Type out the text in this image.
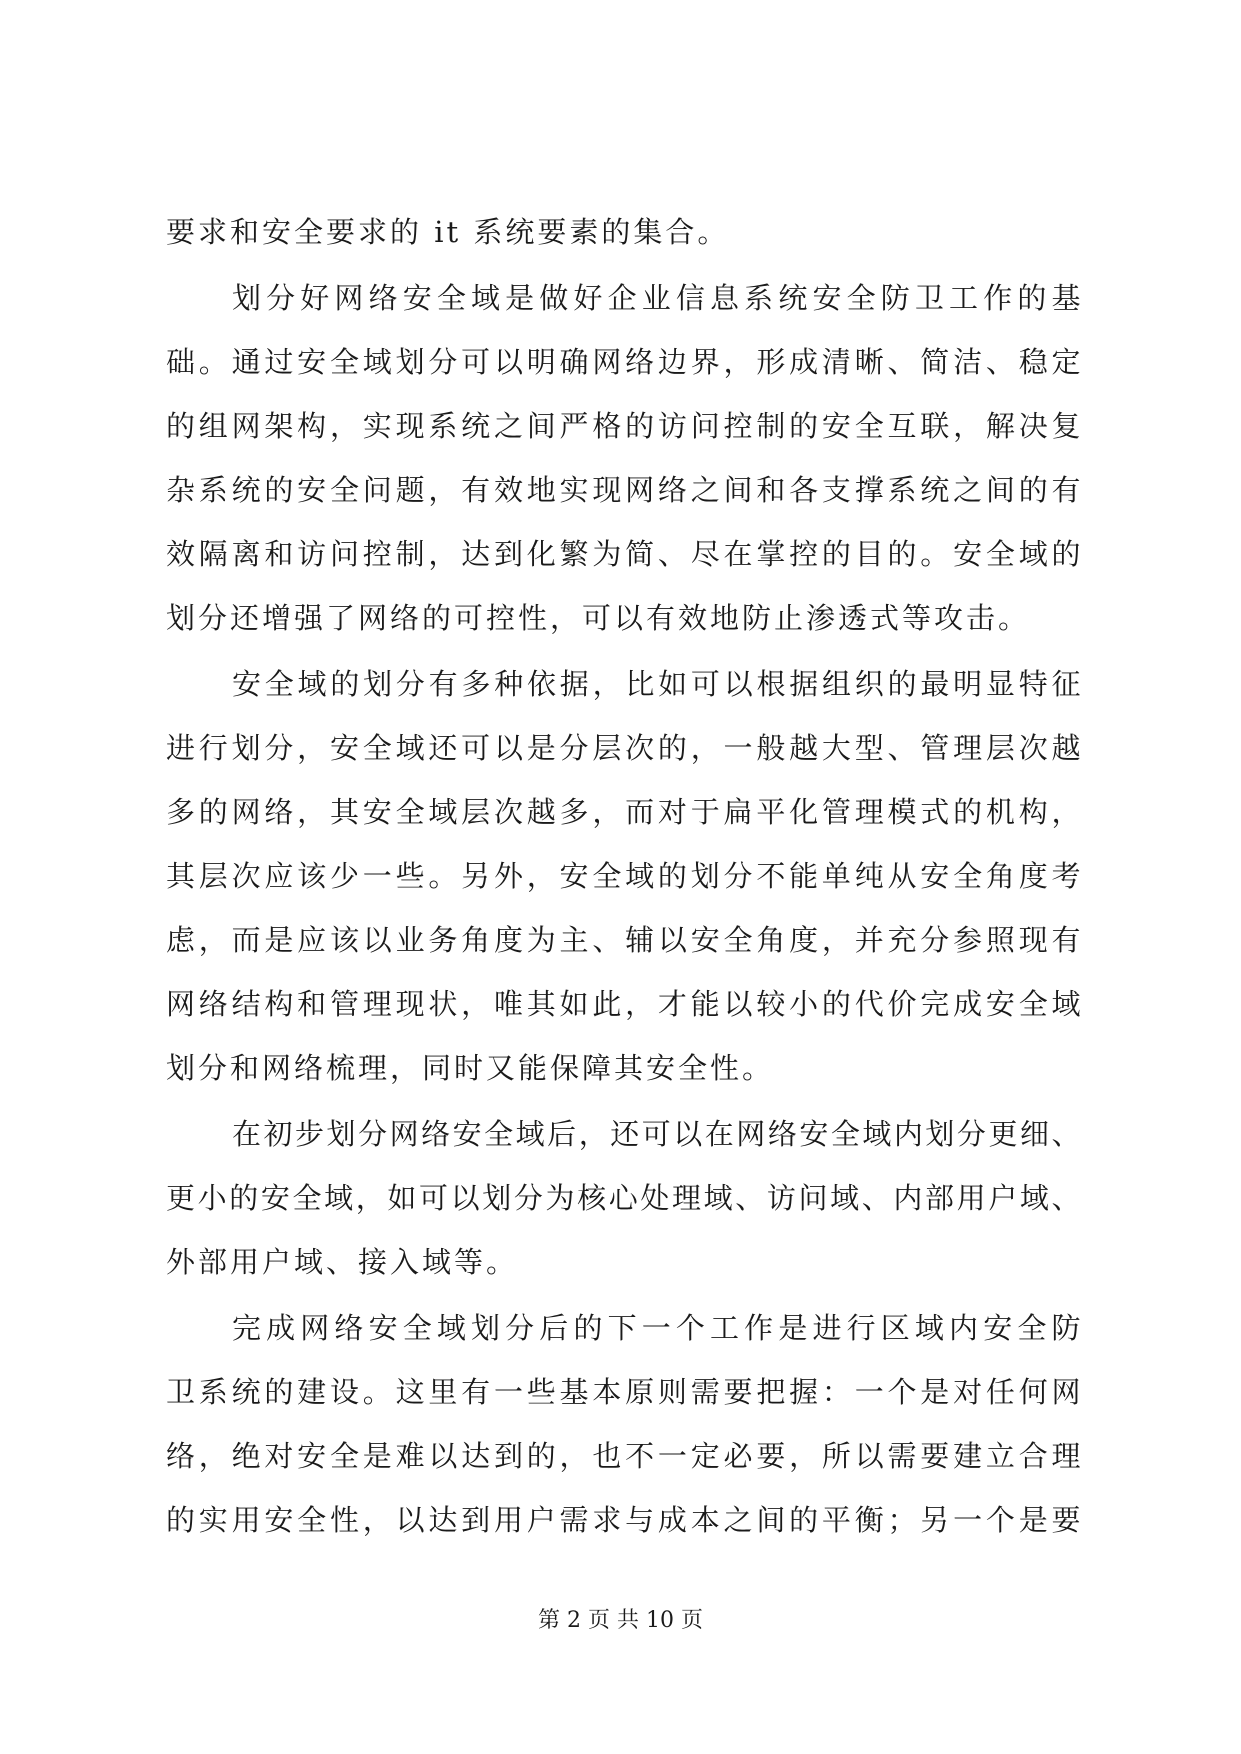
要求和安全要求的 it 系统要素的集合。
划分好网络安全域是做好企业信息系统安全防卫工作的基
础。通过安全域划分可以明确网络边界，形成清晰、简洁、稳定
的组网架构，实现系统之间严格的访问控制的安全互联，解决复
杂系统的安全问题，有效地实现网络之间和各支撑系统之间的有
效隔离和访问控制，达到化繁为简、尽在掌控的目的。安全域的
划分还增强了网络的可控性，可以有效地防止渗透式等攻击。
安全域的划分有多种依据，比如可以根据组织的最明显特征
进行划分，安全域还可以是分层次的，一般越大型、管理层次越
多的网络，其安全域层次越多，而对于扁平化管理模式的机构，
其层次应该少一些。另外，安全域的划分不能单纯从安全角度考
虑，而是应该以业务角度为主、辅以安全角度，并充分参照现有
网络结构和管理现状，唯其如此，才能以较小的代价完成安全域
划分和网络梳理，同时又能保障其安全性。
在初步划分网络安全域后，还可以在网络安全域内划分更细、
更小的安全域，如可以划分为核心处理域、访问域、内部用户域、
外部用户域、接入域等。
完成网络安全域划分后的下一个工作是进行区域内安全防
卫系统的建设。这里有一些基本原则需要把握：一个是对任何网
络，绝对安全是难以达到的，也不一定必要，所以需要建立合理
的实用安全性，以达到用户需求与成本之间的平衡；另一个是要
第 2 页 共 10 页
